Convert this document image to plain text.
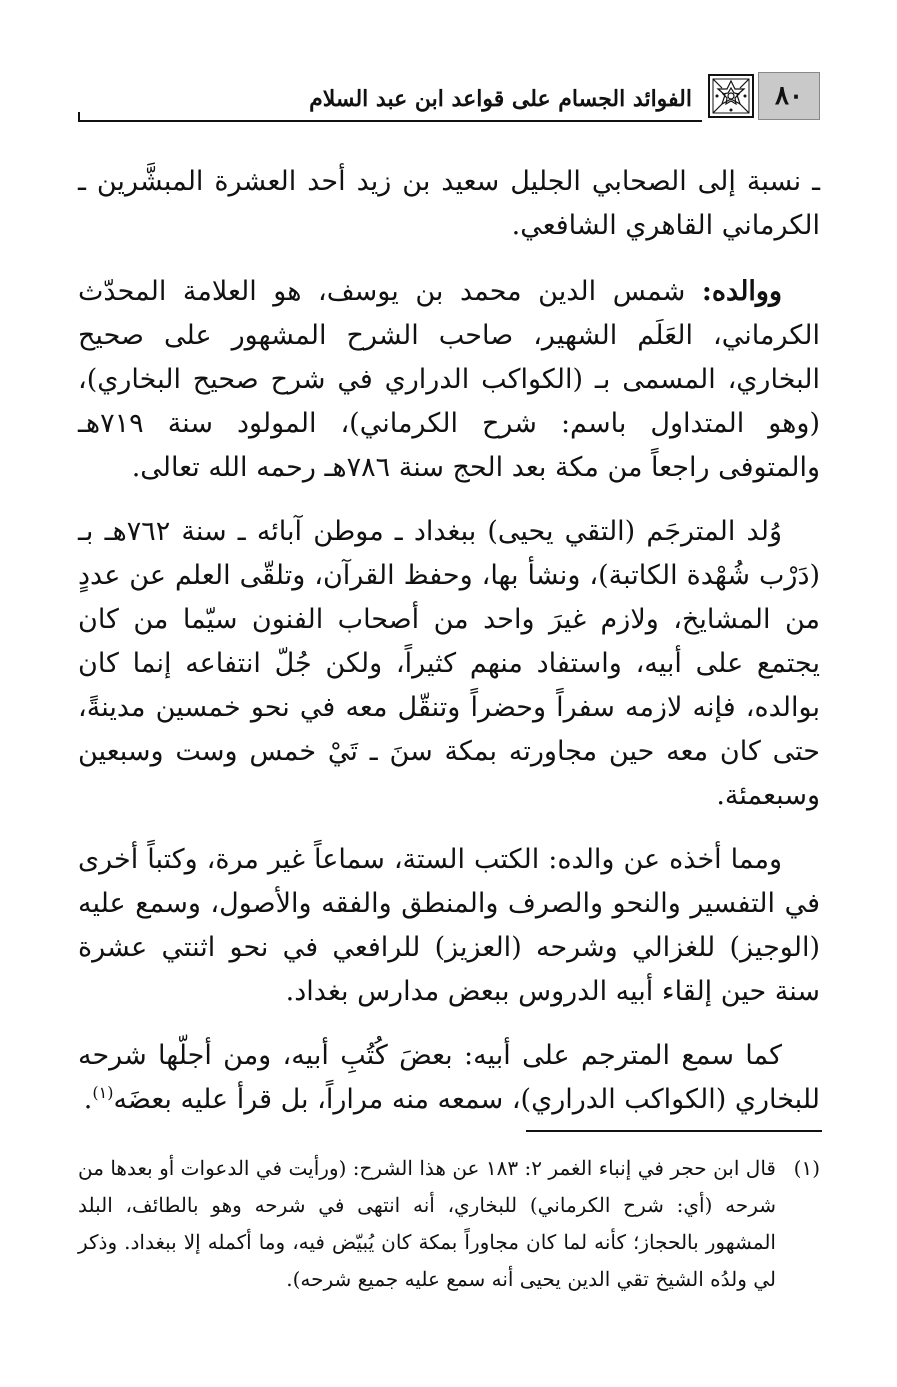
٨٠
الفوائد الجسام على قواعد ابن عبد السلام

ـ نسبة إلى الصحابي الجليل سعيد بن زيد أحد العشرة المبشَّرين ـ الكرماني القاهري الشافعي.

ووالده: شمس الدين محمد بن يوسف، هو العلامة المحدّث الكرماني، العَلَم الشهير، صاحب الشرح المشهور على صحيح البخاري، المسمى بـ (الكواكب الدراري في شرح صحيح البخاري)، (وهو المتداول باسم: شرح الكرماني)، المولود سنة ٧١٩هـ والمتوفى راجعاً من مكة بعد الحج سنة ٧٨٦هـ رحمه الله تعالى.

وُلد المترجَم (التقي يحيى) ببغداد ـ موطن آبائه ـ سنة ٧٦٢هـ بـ (دَرْب شُهْدة الكاتبة)، ونشأ بها، وحفظ القرآن، وتلقّى العلم عن عددٍ من المشايخ، ولازم غيرَ واحد من أصحاب الفنون سيّما من كان يجتمع على أبيه، واستفاد منهم كثيراً، ولكن جُلّ انتفاعه إنما كان بوالده، فإنه لازمه سفراً وحضراً وتنقّل معه في نحو خمسين مدينةً، حتى كان معه حين مجاورته بمكة سنَ ـ تَيْ خمس وست وسبعين وسبعمئة.

ومما أخذه عن والده: الكتب الستة، سماعاً غير مرة، وكتباً أخرى في التفسير والنحو والصرف والمنطق والفقه والأصول، وسمع عليه (الوجيز) للغزالي وشرحه (العزيز) للرافعي في نحو اثنتي عشرة سنة حين إلقاء أبيه الدروس ببعض مدارس بغداد.

كما سمع المترجم على أبيه: بعضَ كُتُبِ أبيه، ومن أجلّها شرحه للبخاري (الكواكب الدراري)، سمعه منه مراراً، بل قرأ عليه بعضَه$^{(١)}$.

(١)
قال ابن حجر في إنباء الغمر ٢: ١٨٣ عن هذا الشرح: (ورأيت في الدعوات أو بعدها من شرحه (أي: شرح الكرماني) للبخاري، أنه انتهى في شرحه وهو بالطائف، البلد المشهور بالحجاز؛ كأنه لما كان مجاوراً بمكة كان يُبيّض فيه، وما أكمله إلا ببغداد. وذكر لي ولدُه الشيخ تقي الدين يحيى أنه سمع عليه جميع شرحه).
